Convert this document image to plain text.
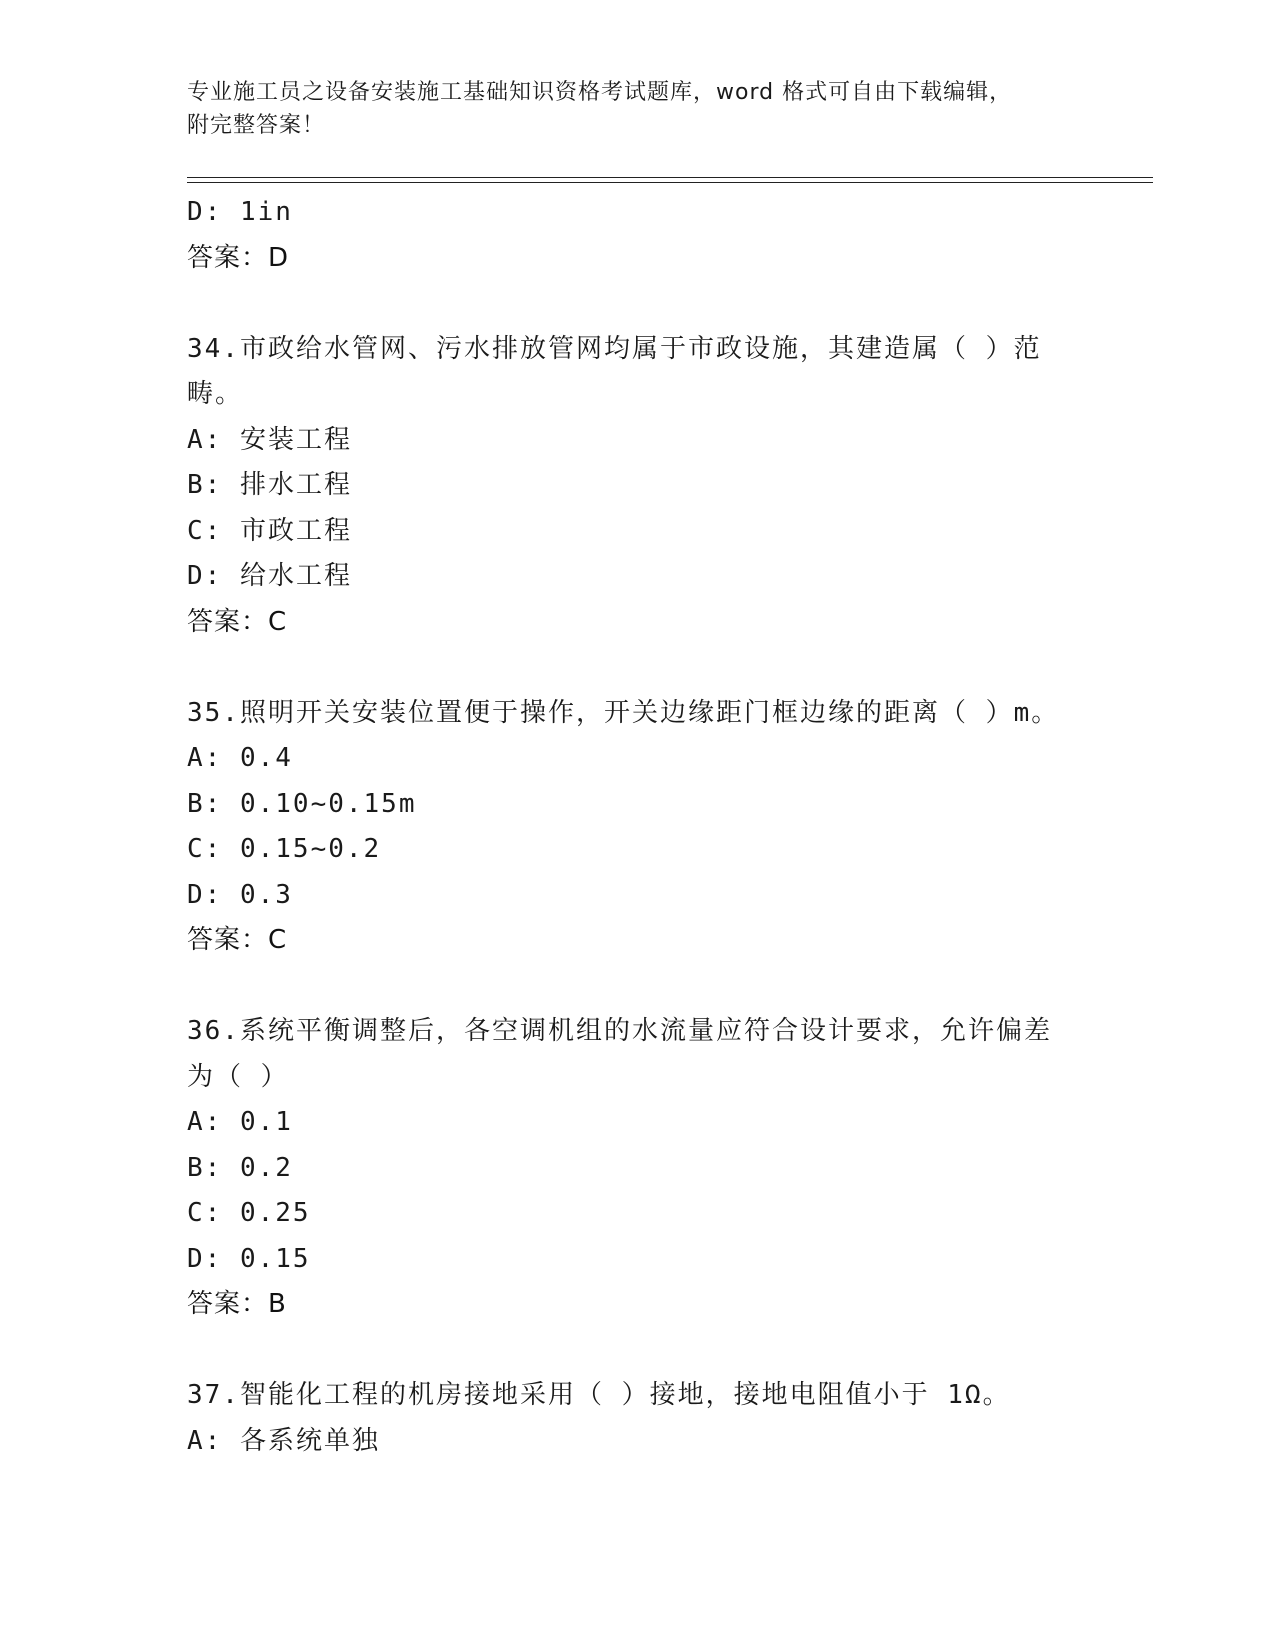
专业施工员之设备安装施工基础知识资格考试题库，word 格式可自由下载编辑，
附完整答案！
D: 1in
答案：D
34.市政给水管网、污水排放管网均属于市政设施，其建造属（ ）范
畴。
A: 安装工程
B: 排水工程
C: 市政工程
D: 给水工程
答案：C
35.照明开关安装位置便于操作，开关边缘距门框边缘的距离（ ）m。
A: 0.4
B: 0.10~0.15m
C: 0.15~0.2
D: 0.3
答案：C
36.系统平衡调整后，各空调机组的水流量应符合设计要求，允许偏差
为（ ）
A: 0.1
B: 0.2
C: 0.25
D: 0.15
答案：B
37.智能化工程的机房接地采用（ ）接地，接地电阻值小于 1Ω。
A: 各系统单独
